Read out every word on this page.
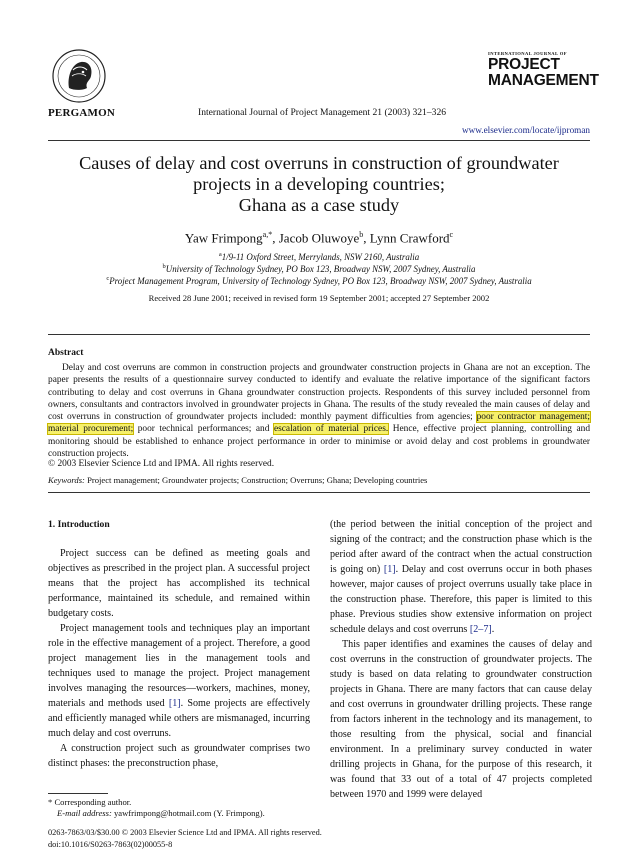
PERGAMON	International Journal of Project Management 21 (2003) 321–326
INTERNATIONAL JOURNAL OF
PROJECT
MANAGEMENT
www.elsevier.com/locate/ijproman
Causes of delay and cost overruns in construction of groundwater
projects in a developing countries;
Ghana as a case study
Yaw Frimpong$^{a,*}$, Jacob Oluwoye$^b$, Lynn Crawford$^c$
$^a$1/9-11 Oxford Street, Merrylands, NSW 2160, Australia
$^b$University of Technology Sydney, PO Box 123, Broadway NSW, 2007 Sydney, Australia
$^c$Project Management Program, University of Technology Sydney, PO Box 123, Broadway NSW, 2007 Sydney, Australia
Received 28 June 2001; received in revised form 19 September 2001; accepted 27 September 2002
Abstract
Delay and cost overruns are common in construction projects and groundwater construction projects in Ghana are not an exception. The paper presents the results of a questionnaire survey conducted to identify and evaluate the relative importance of the significant factors contributing to delay and cost overruns in Ghana groundwater construction projects. Respondents of this survey included personnel from owners, consultants and contractors involved in groundwater projects in Ghana. The results of the study revealed the main causes of delay and cost overruns in construction of groundwater projects included: monthly payment difficulties from agencies; poor contractor management; material procurement; poor technical performances; and escalation of material prices. Hence, effective project planning, controlling and monitoring should be established to enhance project performance in order to minimise or avoid delay and cost problems in groundwater construction projects.
© 2003 Elsevier Science Ltd and IPMA. All rights reserved.
Keywords: Project management; Groundwater projects; Construction; Overruns; Ghana; Developing countries
1. Introduction

Project success can be defined as meeting goals and objectives as prescribed in the project plan. A successful project means that the project has accomplished its technical performance, maintained its schedule, and remained within budgetary costs.

Project management tools and techniques play an important role in the effective management of a project. Therefore, a good project management lies in the management tools and techniques used to manage the project. Project management involves managing the resources—workers, machines, money, materials and methods used [1]. Some projects are effectively and efficiently managed while others are mismanaged, incurring much delay and cost overruns.

A construction project such as groundwater comprises two distinct phases: the preconstruction phase,

(the period between the initial conception of the project and signing of the contract; and the construction phase which is the period after award of the contract when the actual construction is going on) [1]. Delay and cost overruns occur in both phases however, major causes of project overruns usually take place in the construction phase. Therefore, this paper is limited to this phase. Previous studies show extensive information on project schedule delays and cost overruns [2–7].

This paper identifies and examines the causes of delay and cost overruns in the construction of groundwater projects. The study is based on data relating to groundwater construction projects in Ghana. There are many factors that can cause delay and cost overruns in groundwater drilling projects. These range from factors inherent in the technology and its management, to those resulting from the physical, social and financial environment. In a preliminary survey conducted in water drilling projects in Ghana, for the purpose of this research, it was found that 33 out of a total of 47 projects completed between 1970 and 1999 were delayed

* Corresponding author.
E-mail address: yawfrimpong@hotmail.com (Y. Frimpong).
0263-7863/03/$30.00 © 2003 Elsevier Science Ltd and IPMA. All rights reserved.
doi:10.1016/S0263-7863(02)00055-8
